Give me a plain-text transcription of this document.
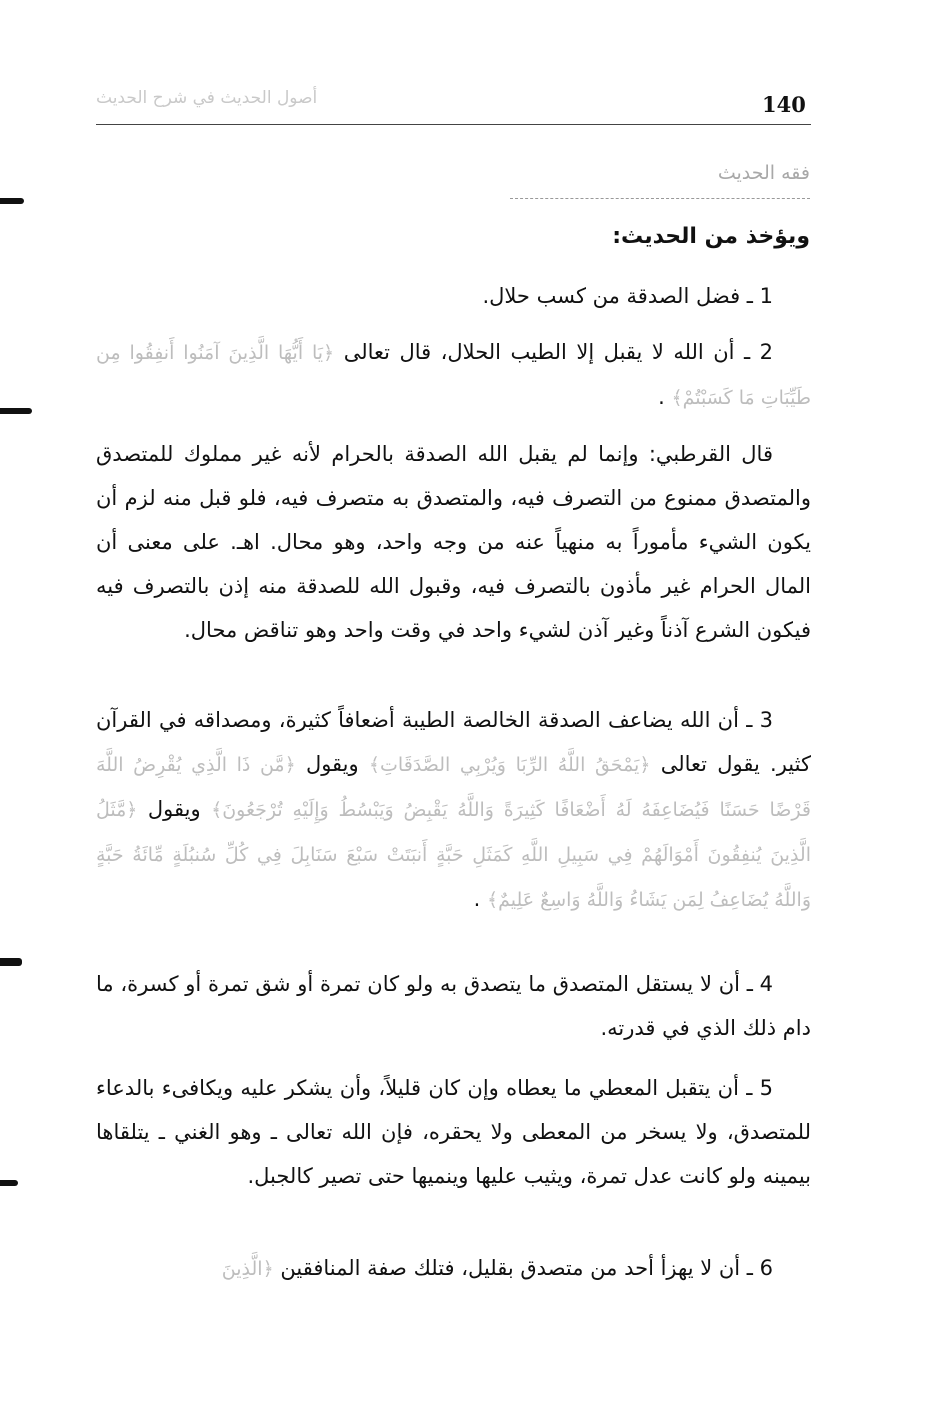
140
أصول الحديث في شرح الحديث
فقه الحديث
ويؤخذ من الحديث:
1 ـ فضل الصدقة من كسب حلال.
2 ـ أن الله لا يقبل إلا الطيب الحلال، قال تعالى ﴿يَا أَيُّهَا الَّذِينَ آمَنُوا أَنفِقُوا مِن طَيِّبَاتِ مَا كَسَبْتُمْ﴾ .
قال القرطبي: وإنما لم يقبل الله الصدقة بالحرام لأنه غير مملوك للمتصدق والمتصدق ممنوع من التصرف فيه، والمتصدق به متصرف فيه، فلو قبل منه لزم أن يكون الشيء مأموراً به منهياً عنه من وجه واحد، وهو محال. اهـ. على معنى أن المال الحرام غير مأذون بالتصرف فيه، وقبول الله للصدقة منه إذن بالتصرف فيه فيكون الشرع آذناً وغير آذن لشيء واحد في وقت واحد وهو تناقض محال.
3 ـ أن الله يضاعف الصدقة الخالصة الطيبة أضعافاً كثيرة، ومصداقه في القرآن كثير. يقول تعالى ﴿يَمْحَقُ اللَّهُ الرِّبَا وَيُرْبِي الصَّدَقَاتِ﴾ ويقول ﴿مَّن ذَا الَّذِي يُقْرِضُ اللَّهَ قَرْضًا حَسَنًا فَيُضَاعِفَهُ لَهُ أَضْعَافًا كَثِيرَةً وَاللَّهُ يَقْبِضُ وَيَبْسُطُ وَإِلَيْهِ تُرْجَعُونَ﴾ ويقول ﴿مَّثَلُ الَّذِينَ يُنفِقُونَ أَمْوَالَهُمْ فِي سَبِيلِ اللَّهِ كَمَثَلِ حَبَّةٍ أَنبَتَتْ سَبْعَ سَنَابِلَ فِي كُلِّ سُنبُلَةٍ مِّائَةُ حَبَّةٍ وَاللَّهُ يُضَاعِفُ لِمَن يَشَاءُ وَاللَّهُ وَاسِعٌ عَلِيمٌ﴾ .
4 ـ أن لا يستقل المتصدق ما يتصدق به ولو كان تمرة أو شق تمرة أو كسرة، ما دام ذلك الذي في قدرته.
5 ـ أن يتقبل المعطي ما يعطاه وإن كان قليلاً، وأن يشكر عليه ويكافىء بالدعاء للمتصدق، ولا يسخر من المعطى ولا يحقره، فإن الله تعالى ـ وهو الغني ـ يتلقاها بيمينه ولو كانت عدل تمرة، ويثيب عليها وينميها حتى تصير كالجبل.
6 ـ أن لا يهزأ أحد من متصدق بقليل، فتلك صفة المنافقين ﴿الَّذِينَ
